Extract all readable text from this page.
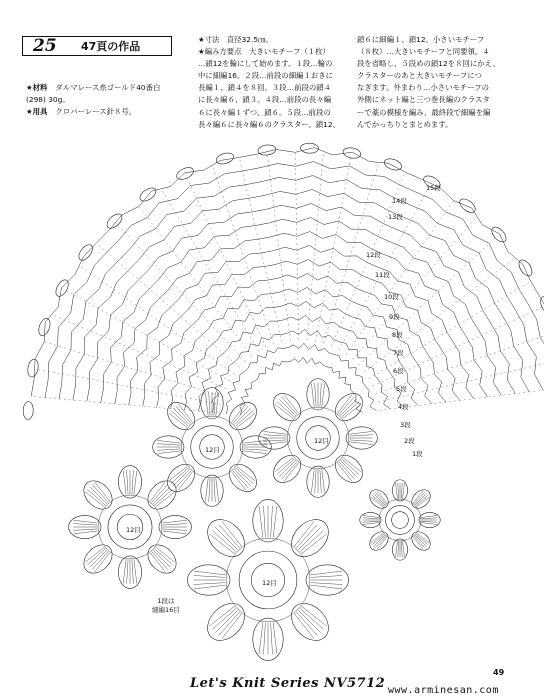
25	47頁の作品
★材料 ダルマレース糸ゴールド40番白(298) 30g。
★用具 クロバーレース針８号。
★寸法　直径32.5㎝。
★編み方要点　大きいモチーフ（１枚）
…鎖12を輪にして始めます。１段…輪の
中に細編16。２段…前段の細編１おきに
長編１、鎖４を８回。３段…前段の鎖４
に長々編６、鎖３。４段…前段の長々編
６に長々編１ずつ、鎖６。５段…前段の
長々編６に長々編６のクラスター、鎖12、
鎖６に細編１、鎖12。小さいモチーフ
（８枚）…大きいモチーフと同要領。４
段を省略し、５段めの鎖12を８回にかえ、
クラスターのあと大きいモチーフにつ
なぎます。外まわり…小さいモチーフの
外側にネット編と三つ巻長編のクラスタ
ーで薬の模様を編み、最終段で細編を編
んでかっちりとまとめます。
1段
2段
3段
4段
5段
6段
7段
8段
9段
10段
11段
12段
13段
14段
15段
12目
12目
12目
12目
1段は
細編16目
Let's Knit Series NV5712
49
www.arminesan.com
